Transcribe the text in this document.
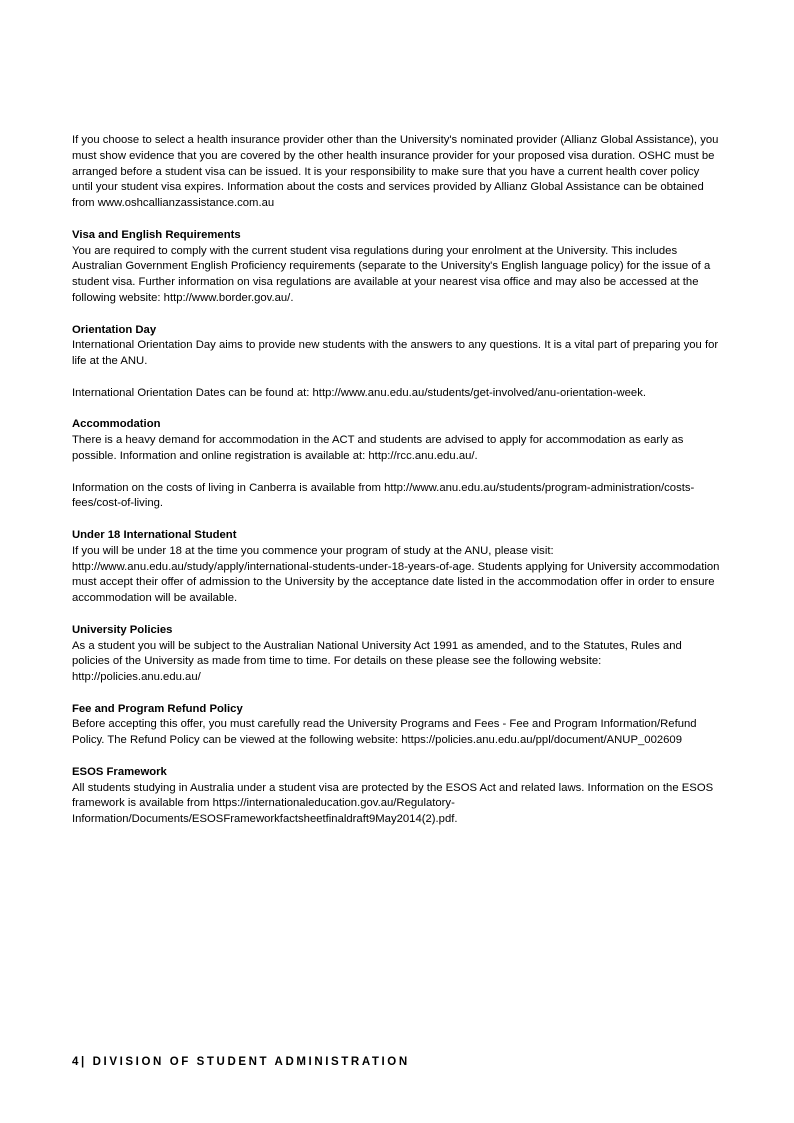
If you choose to select a health insurance provider other than the University's nominated provider (Allianz Global Assistance), you must show evidence that you are covered by the other health insurance provider for your proposed visa duration. OSHC must be arranged before a student visa can be issued. It is your responsibility to make sure that you have a current health cover policy until your student visa expires. Information about the costs and services provided by Allianz Global Assistance can be obtained from www.oshcallianzassistance.com.au

Visa and English Requirements

You are required to comply with the current student visa regulations during your enrolment at the University. This includes Australian Government English Proficiency requirements (separate to the University's English language policy) for the issue of a student visa. Further information on visa regulations are available at your nearest visa office and may also be accessed at the following website: http://www.border.gov.au/.

Orientation Day

International Orientation Day aims to provide new students with the answers to any questions. It is a vital part of preparing you for life at the ANU.

International Orientation Dates can be found at: http://www.anu.edu.au/students/get-involved/anu-orientation-week.

Accommodation

There is a heavy demand for accommodation in the ACT and students are advised to apply for accommodation as early as possible. Information and online registration is available at: http://rcc.anu.edu.au/.

Information on the costs of living in Canberra is available from http://www.anu.edu.au/students/program-administration/costs-fees/cost-of-living.

Under 18 International Student

If you will be under 18 at the time you commence your program of study at the ANU, please visit: http://www.anu.edu.au/study/apply/international-students-under-18-years-of-age. Students applying for University accommodation must accept their offer of admission to the University by the acceptance date listed in the accommodation offer in order to ensure accommodation will be available.

University Policies

As a student you will be subject to the Australian National University Act 1991 as amended, and to the Statutes, Rules and policies of the University as made from time to time. For details on these please see the following website: http://policies.anu.edu.au/

Fee and Program Refund Policy

Before accepting this offer, you must carefully read the University Programs and Fees - Fee and Program Information/Refund Policy. The Refund Policy can be viewed at the following website: https://policies.anu.edu.au/ppl/document/ANUP_002609

ESOS Framework

All students studying in Australia under a student visa are protected by the ESOS Act and related laws. Information on the ESOS framework is available from https://internationaleducation.gov.au/Regulatory-Information/Documents/ESOSFrameworkfactsheetfinaldraft9May2014(2).pdf.

4| DIVISION OF STUDENT ADMINISTRATION
